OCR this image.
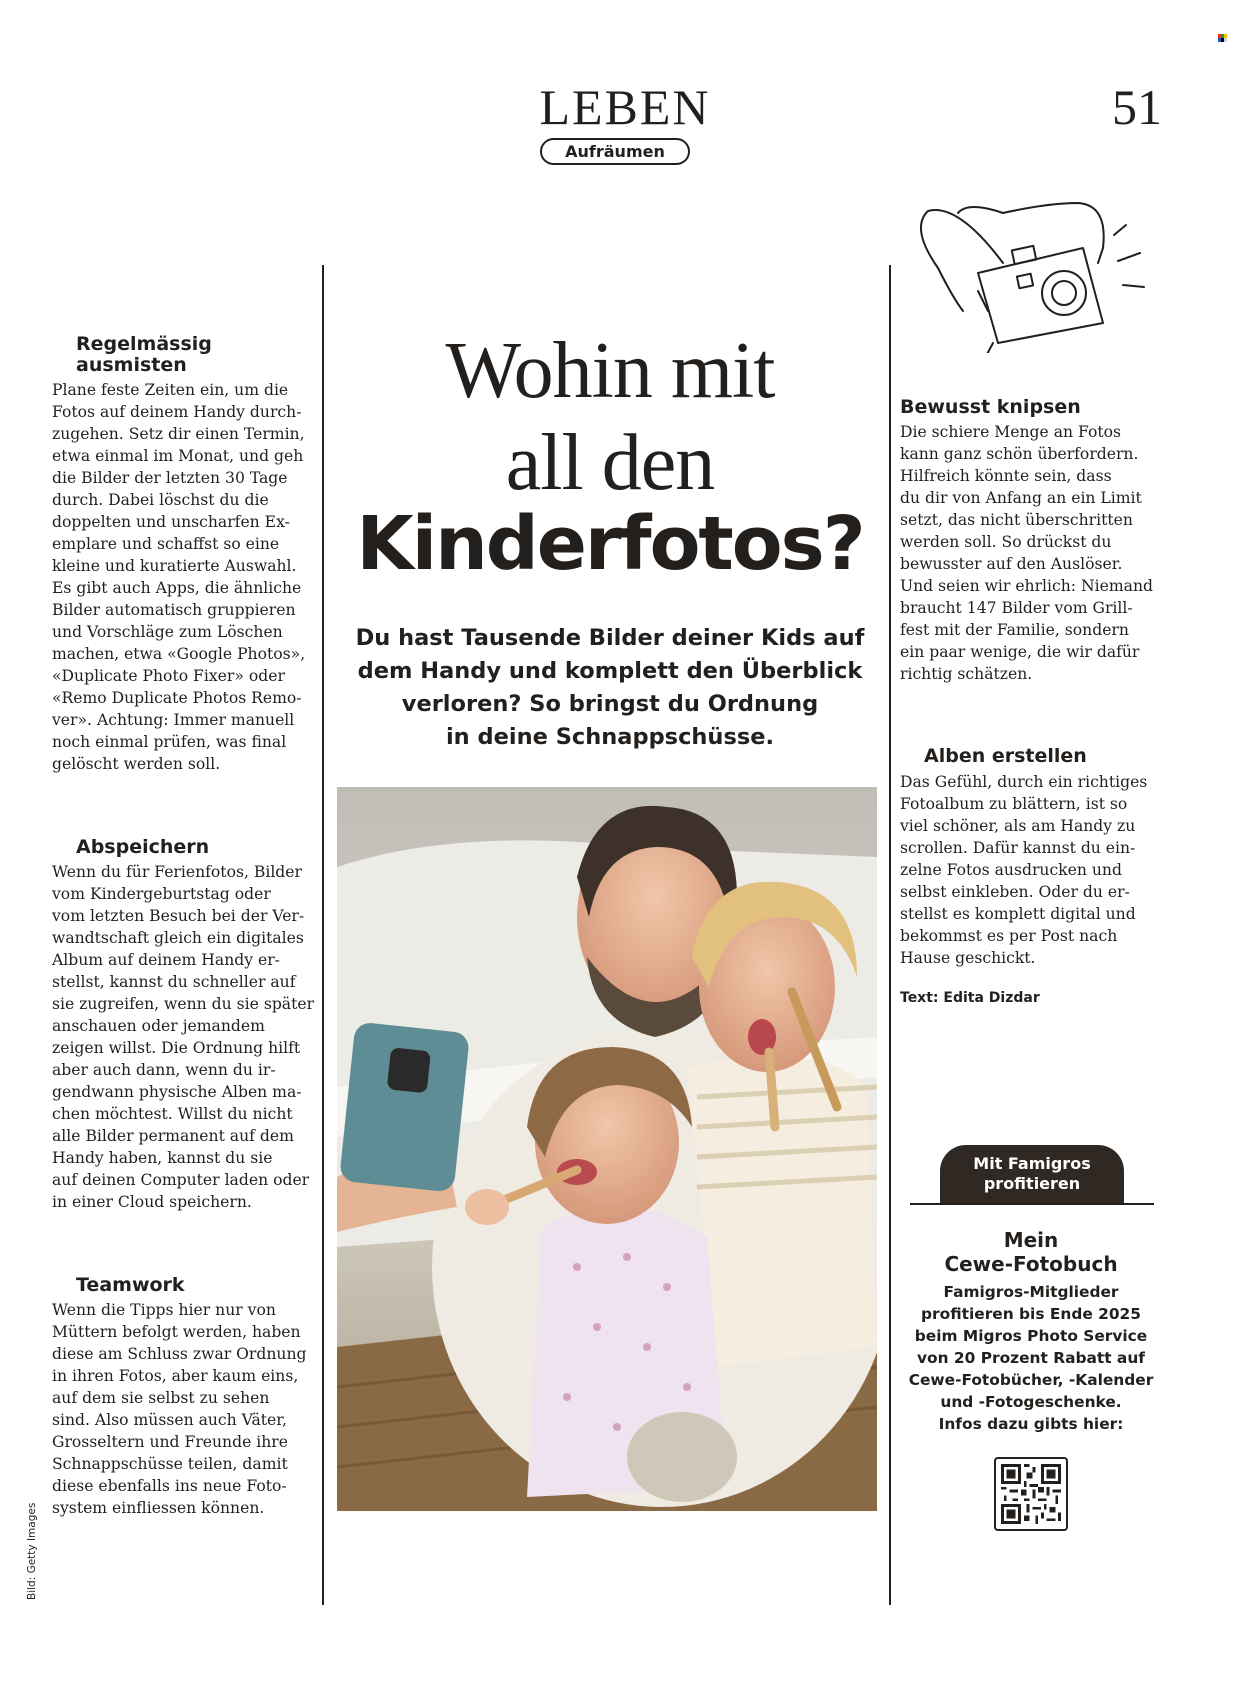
LEBEN
Aufräumen
51

Regelmässig
ausmisten

Plane feste Zeiten ein, um die
Fotos auf deinem Handy durch-
zugehen. Setz dir einen Termin,
etwa einmal im Monat, und geh
die Bilder der letzten 30 Tage
durch. Dabei löschst du die
doppelten und unscharfen Ex-
emplare und schaffst so eine
kleine und kuratierte Auswahl.
Es gibt auch Apps, die ähnliche
Bilder automatisch gruppieren
und Vorschläge zum Löschen
machen, etwa «Google Photos»,
«Duplicate Photo Fixer» oder
«Remo Duplicate Photos Remo-
ver». Achtung: Immer manuell
noch einmal prüfen, was final
gelöscht werden soll.

Abspeichern

Wenn du für Ferienfotos, Bilder
vom Kindergeburtstag oder
vom letzten Besuch bei der Ver-
wandtschaft gleich ein digitales
Album auf deinem Handy er-
stellst, kannst du schneller auf
sie zugreifen, wenn du sie später
anschauen oder jemandem
zeigen willst. Die Ordnung hilft
aber auch dann, wenn du ir-
gendwann physische Alben ma-
chen möchtest. Willst du nicht
alle Bilder permanent auf dem
Handy haben, kannst du sie
auf deinen Computer laden oder
in einer Cloud speichern.

Teamwork

Wenn die Tipps hier nur von
Müttern befolgt werden, haben
diese am Schluss zwar Ordnung
in ihren Fotos, aber kaum eins,
auf dem sie selbst zu sehen
sind. Also müssen auch Väter,
Grosseltern und Freunde ihre
Schnappschüsse teilen, damit
diese ebenfalls ins neue Foto-
system einfliessen können.

Wohin mit
all den
Kinderfotos?
Du hast Tausende Bilder deiner Kids auf
dem Handy und komplett den Überblick
verloren? So bringst du Ordnung
in deine Schnappschüsse.

Bewusst knipsen

Die schiere Menge an Fotos
kann ganz schön überfordern.
Hilfreich könnte sein, dass
du dir von Anfang an ein Limit
setzt, das nicht überschritten
werden soll. So drückst du
bewusster auf den Auslöser.
Und seien wir ehrlich: Niemand
braucht 147 Bilder vom Grill-
fest mit der Familie, sondern
ein paar wenige, die wir dafür
richtig schätzen.

Alben erstellen

Das Gefühl, durch ein richtiges
Fotoalbum zu blättern, ist so
viel schöner, als am Handy zu
scrollen. Dafür kannst du ein-
zelne Fotos ausdrucken und
selbst einkleben. Oder du er-
stellst es komplett digital und
bekommst es per Post nach
Hause geschickt.

Text: Edita Dizdar
Mit Famigros
profitieren
Mein
Cewe-Fotobuch
Famigros-Mitglieder
profitieren bis Ende 2025
beim Migros Photo Service
von 20 Prozent Rabatt auf
Cewe-Fotobücher, -Kalender
und -Fotogeschenke.
Infos dazu gibts hier:
Bild: Getty Images
